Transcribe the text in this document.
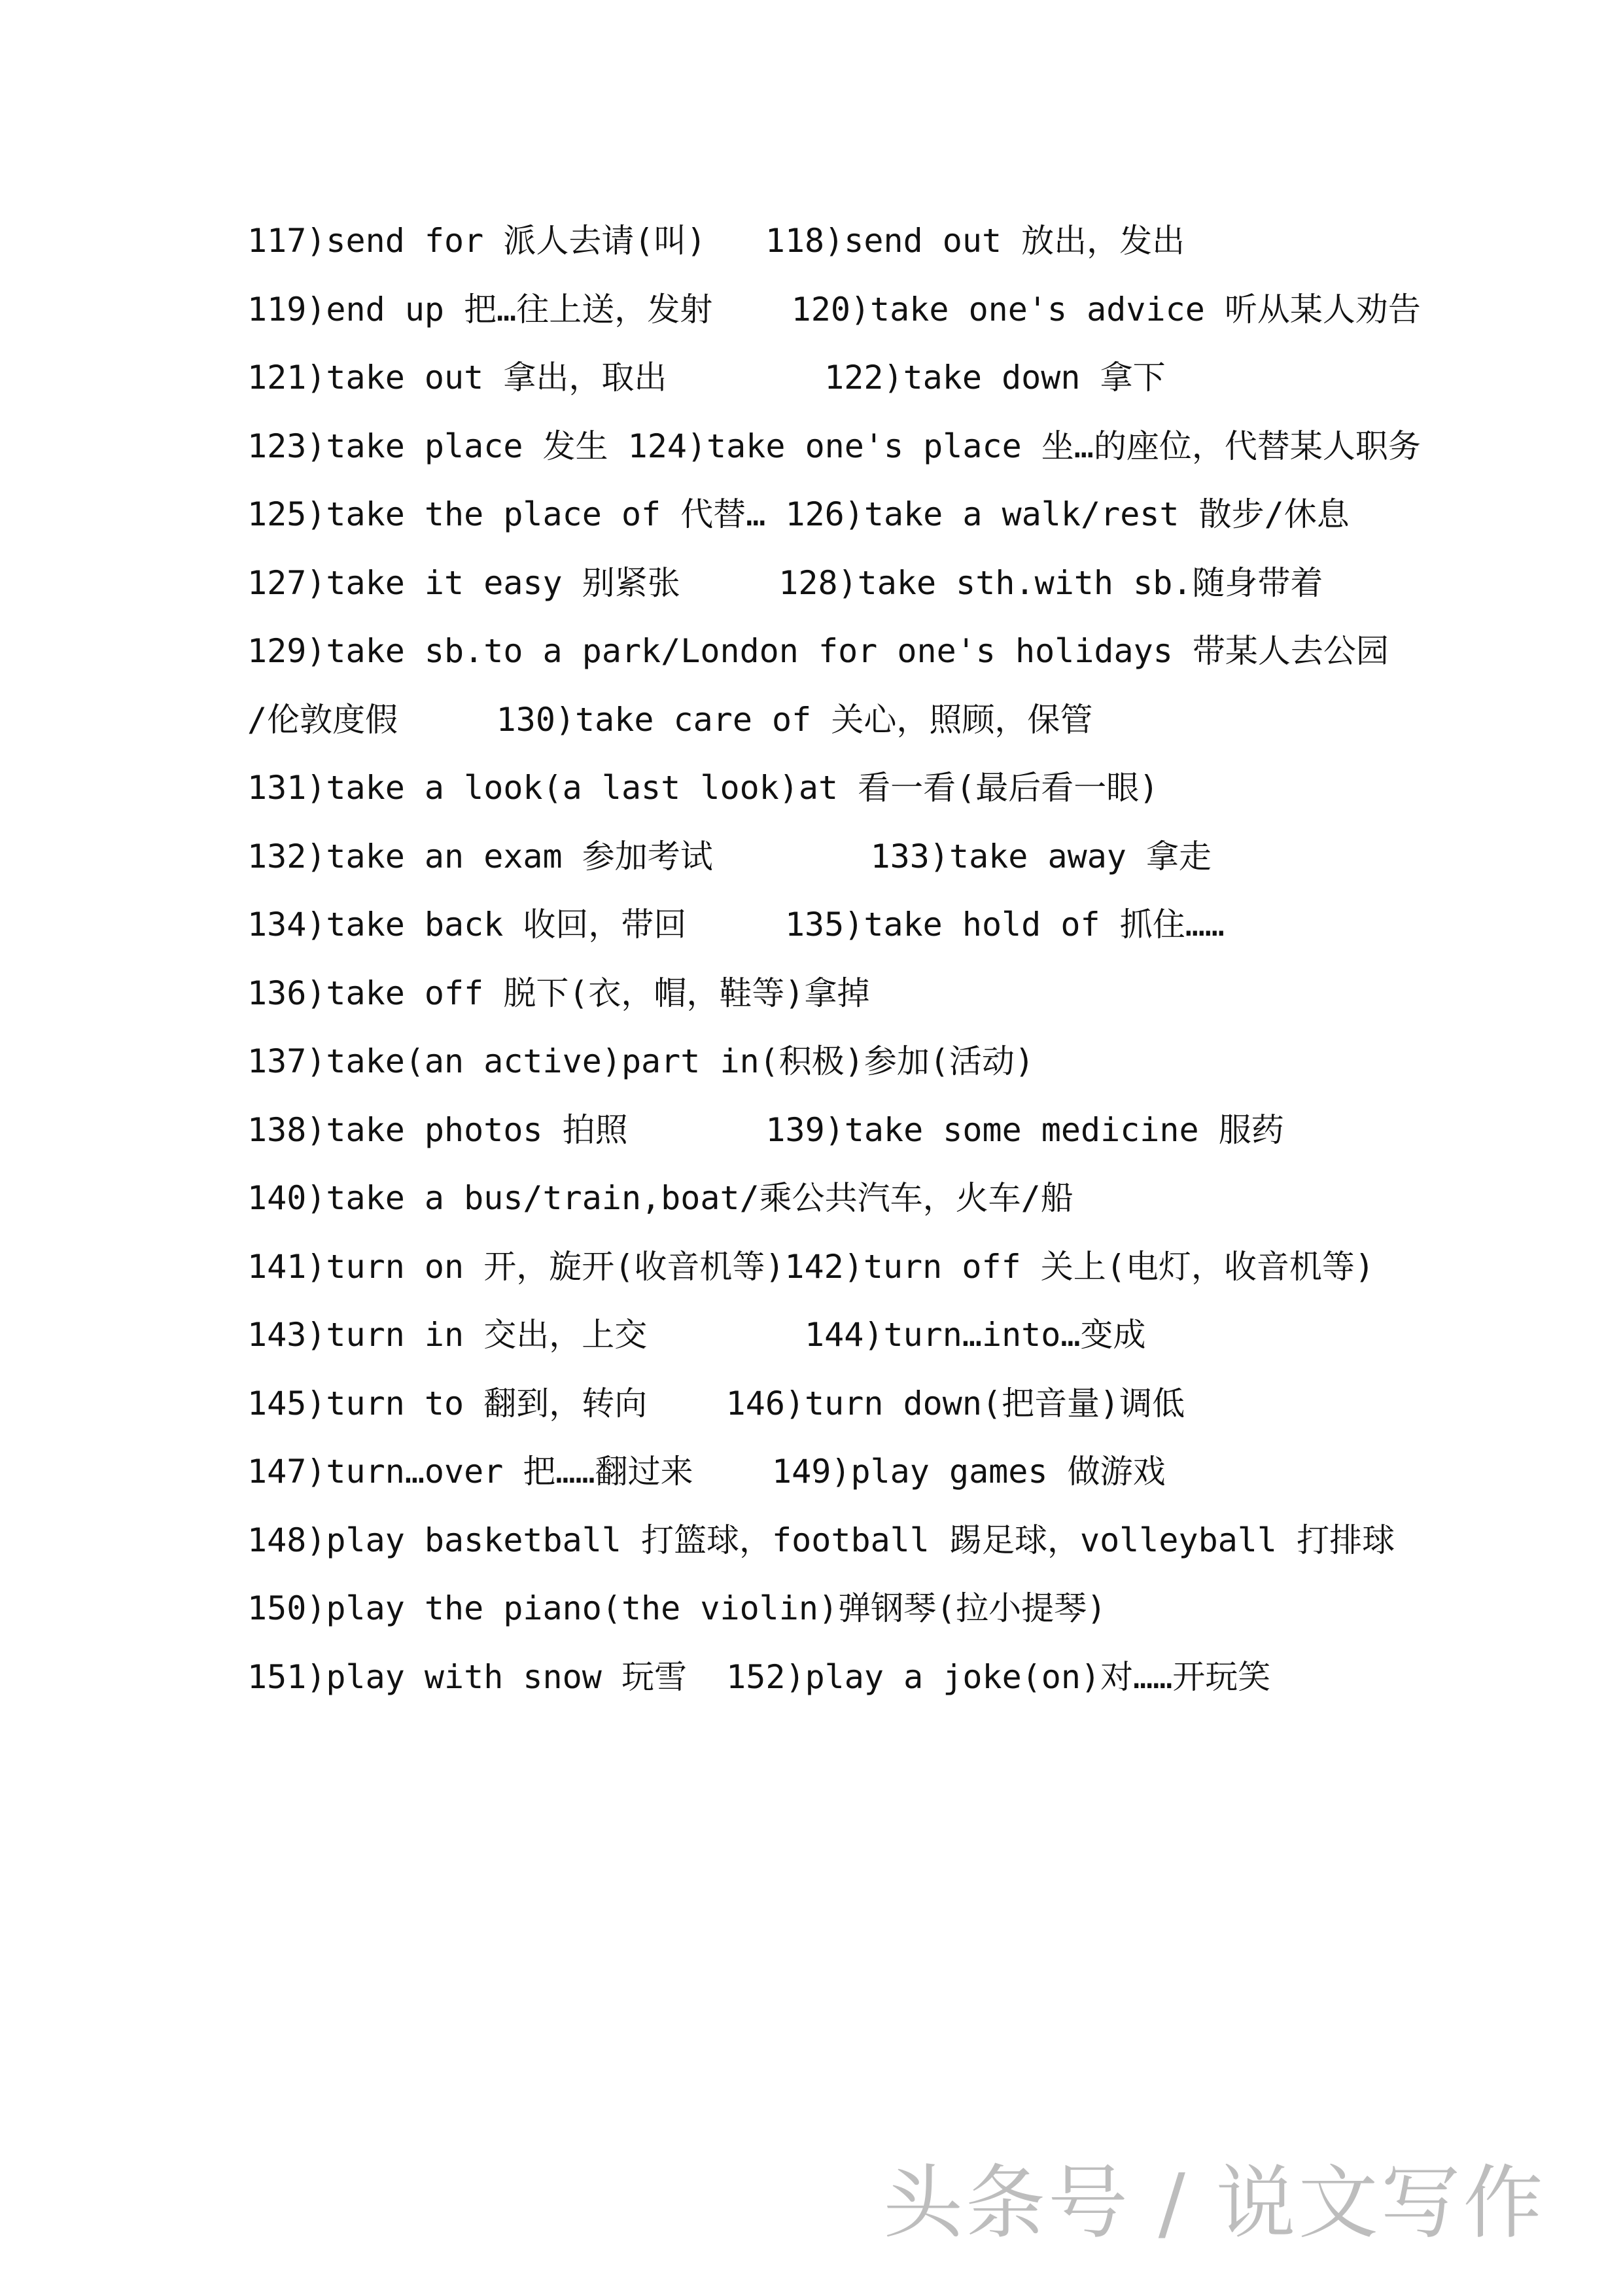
117)send for 派人去请(叫)   118)send out 放出，发出
119)end up 把…往上送，发射    120)take one's advice 听从某人劝告
121)take out 拿出，取出        122)take down 拿下
123)take place 发生 124)take one's place 坐…的座位，代替某人职务
125)take the place of 代替… 126)take a walk/rest 散步/休息
127)take it easy 别紧张     128)take sth.with sb.随身带着
129)take sb.to a park/London for one's holidays 带某人去公园
/伦敦度假     130)take care of 关心，照顾，保管
131)take a look(a last look)at 看一看(最后看一眼)
132)take an exam 参加考试        133)take away 拿走
134)take back 收回，带回     135)take hold of 抓住……
136)take off 脱下(衣，帽，鞋等)拿掉
137)take(an active)part in(积极)参加(活动)
138)take photos 拍照       139)take some medicine 服药
140)take a bus/train,boat/乘公共汽车，火车/船
141)turn on 开，旋开(收音机等)142)turn off 关上(电灯，收音机等)
143)turn in 交出，上交        144)turn…into…变成
145)turn to 翻到，转向    146)turn down(把音量)调低
147)turn…over 把……翻过来    149)play games 做游戏
148)play basketball 打篮球，football 踢足球，volleyball 打排球
150)play the piano(the violin)弹钢琴(拉小提琴)
151)play with snow 玩雪  152)play a joke(on)对……开玩笑
头条号 / 说文写作
